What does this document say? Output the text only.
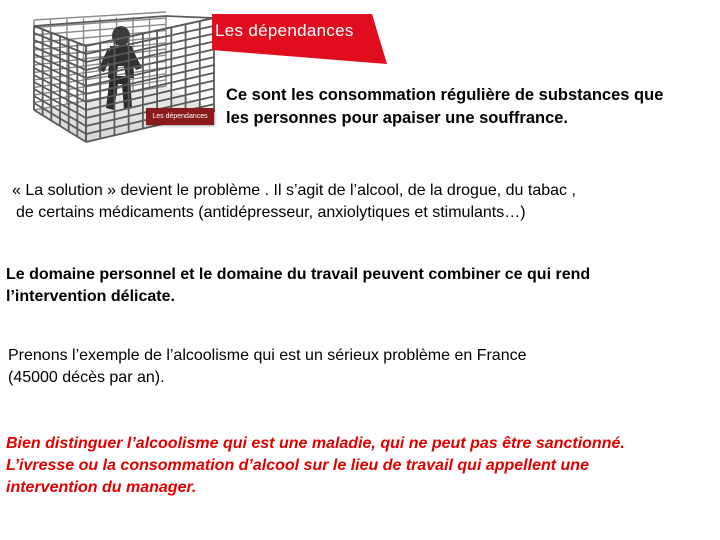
Les dépendances
Les dépendances
Ce sont les consommation régulière de substances que
les personnes pour apaiser une souffrance.
« La solution » devient le problème . Il s’agit de l’alcool, de la drogue, du tabac ,
de certains médicaments (antidépresseur, anxiolytiques et stimulants…)
Le domaine personnel et le domaine du travail peuvent combiner ce qui rend
l’intervention délicate.
Prenons l’exemple de l’alcoolisme qui est un sérieux problème en France
(45000 décès par an).
Bien distinguer l’alcoolisme qui est une maladie, qui ne peut pas être sanctionné.
L’ivresse ou la consommation d’alcool sur le lieu de travail qui appellent une
intervention du manager.
